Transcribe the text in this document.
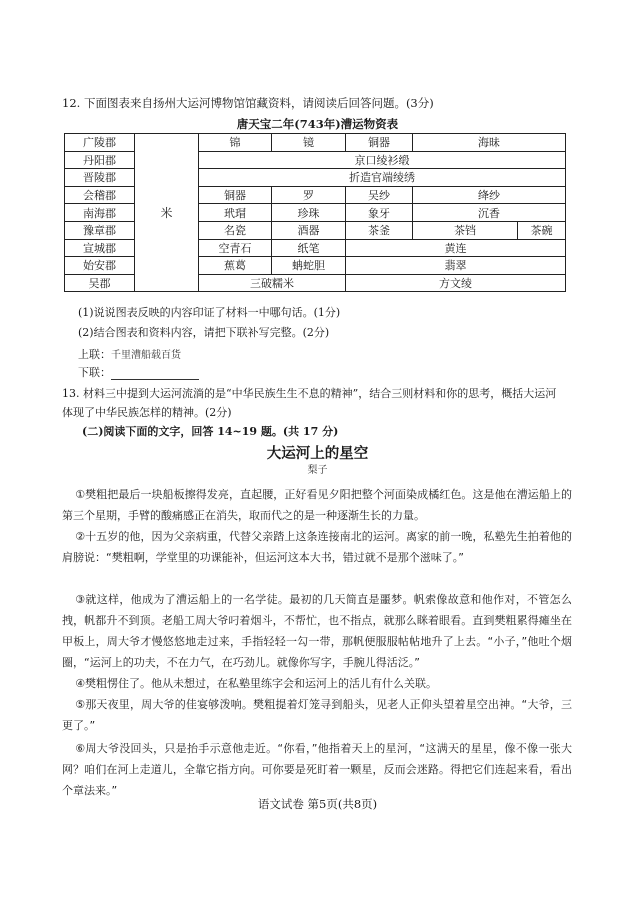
12. 下面图表来自扬州大运河博物馆馆藏资料，请阅读后回答问题。(3分)
唐天宝二年(743年)漕运物资表
广陵郡	米	锦	镜	铜器	海昧	
丹阳郡		京口绫衫缎				
晋陵郡		折造官端绫绣				
会稽郡		铜器	罗	吴纱	绛纱	
南海郡		玳瑁	珍珠	象牙	沉香	
豫章郡		名瓷	酒器	茶釜	茶铛	茶碗
宣城郡		空青石	纸笔	黄连		
始安郡		蕉葛	蚺蛇胆	翡翠		
吴郡		三破糯米		方文绫		
(1)说说图表反映的内容印证了材料一中哪句话。(1分)
(2)结合图表和资料内容，请把下联补写完整。(2分)
上联：千里漕船载百货
下联：
13. 材料三中提到大运河流淌的是“中华民族生生不息的精神”，结合三则材料和你的思考，概括大运河
体现了中华民族怎样的精神。(2分)
(二)阅读下面的文字，回答 14~19 题。(共 17 分)
大运河上的星空
梨子
①樊粗把最后一块船板擦得发亮，直起腰，正好看见夕阳把整个河面染成橘红色。这是他在漕运船上的第三个星期，手臂的酸痛感正在消失，取而代之的是一种逐渐生长的力量。
②十五岁的他，因为父亲病重，代替父亲踏上这条连接南北的运河。离家的前一晚，私塾先生拍着他的肩膀说：“樊粗啊，学堂里的功课能补，但运河这本大书，错过就不是那个滋味了。”
③就这样，他成为了漕运船上的一名学徒。最初的几天简直是噩梦。帆索像故意和他作对，不管怎么拽，帆都升不到顶。老船工周大爷叼着烟斗，不帮忙，也不指点，就那么眯着眼看。直到樊粗累得瘫坐在甲板上，周大爷才慢悠悠地走过来，手指轻轻一勾一带，那帆便服服帖帖地升了上去。“小子，”他吐个烟圈，“运河上的功夫，不在力气，在巧劲儿。就像你写字，手腕儿得活泛。”
④樊粗愣住了。他从未想过，在私塾里练字会和运河上的活儿有什么关联。
⑤那天夜里，周大爷的佳宴够泼响。樊粗提着灯笼寻到船头，见老人正仰头望着星空出神。“大爷，三更了。”
⑥周大爷没回头，只是抬手示意他走近。“你看，”他指着天上的星河，“这满天的星星，像不像一张大网？咱们在河上走道儿，全靠它指方向。可你要是死盯着一颗星，反而会迷路。得把它们连起来看，看出个章法来。”
语文试卷 第5页(共8页)
